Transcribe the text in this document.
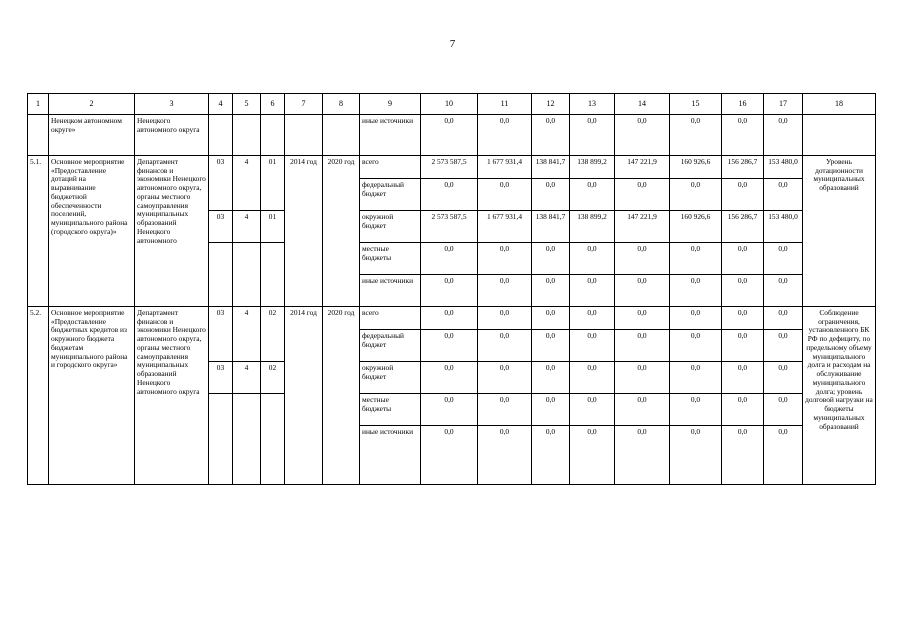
7
1	2	3	4	5	6	7	8	9	10	11	12	13	14	15	16	17	18
	Ненецком автономном округе»	Ненецкого автономного округа						иные источники	0,0	0,0	0,0	0,0	0,0	0,0	0,0	0,0	
5.1.	Основное мероприятие «Предоставление дотаций на выравнивание бюджетной обеспеченности поселений, муниципального района (городского округа)»	Департамент финансов и экономики Ненецкого автономного округа, органы местного самоуправления муниципальных образований Ненецкого автономного	03	4	01	2014 год	2020 год	всего	2 573 587,5	1 677 931,4	138 841,7	138 899,2	147 221,9	160 926,6	156 286,7	153 480,0	Уровень дотационности муниципальных образований
								федеральный бюджет	0,0	0,0	0,0	0,0	0,0	0,0	0,0	0,0	
			03	4	01			окружной бюджет	2 573 587,5	1 677 931,4	138 841,7	138 899,2	147 221,9	160 926,6	156 286,7	153 480,0	
								местные бюджеты	0,0	0,0	0,0	0,0	0,0	0,0	0,0	0,0	
								иные источники	0,0	0,0	0,0	0,0	0,0	0,0	0,0	0,0	
5.2.	Основное мероприятие «Предоставление бюджетных кредитов из окружного бюджета бюджетам муниципального района и городского округа»	Департамент финансов и экономики Ненецкого автономного округа, органы местного самоуправления муниципальных образований Ненецкого автономного округа	03	4	02	2014 год	2020 год	всего	0,0	0,0	0,0	0,0	0,0	0,0	0,0	0,0	Соблюдение ограничения, установленного БК РФ по дефициту, по предельному объему муниципального долга и расходам на обслуживание муниципального долга; уровень долговой нагрузки на бюджеты муниципальных образований
								федеральный бюджет	0,0	0,0	0,0	0,0	0,0	0,0	0,0	0,0	
			03	4	02			окружной бюджет	0,0	0,0	0,0	0,0	0,0	0,0	0,0	0,0	
								местные бюджеты	0,0	0,0	0,0	0,0	0,0	0,0	0,0	0,0	
								иные источники	0,0	0,0	0,0	0,0	0,0	0,0	0,0	0,0	
